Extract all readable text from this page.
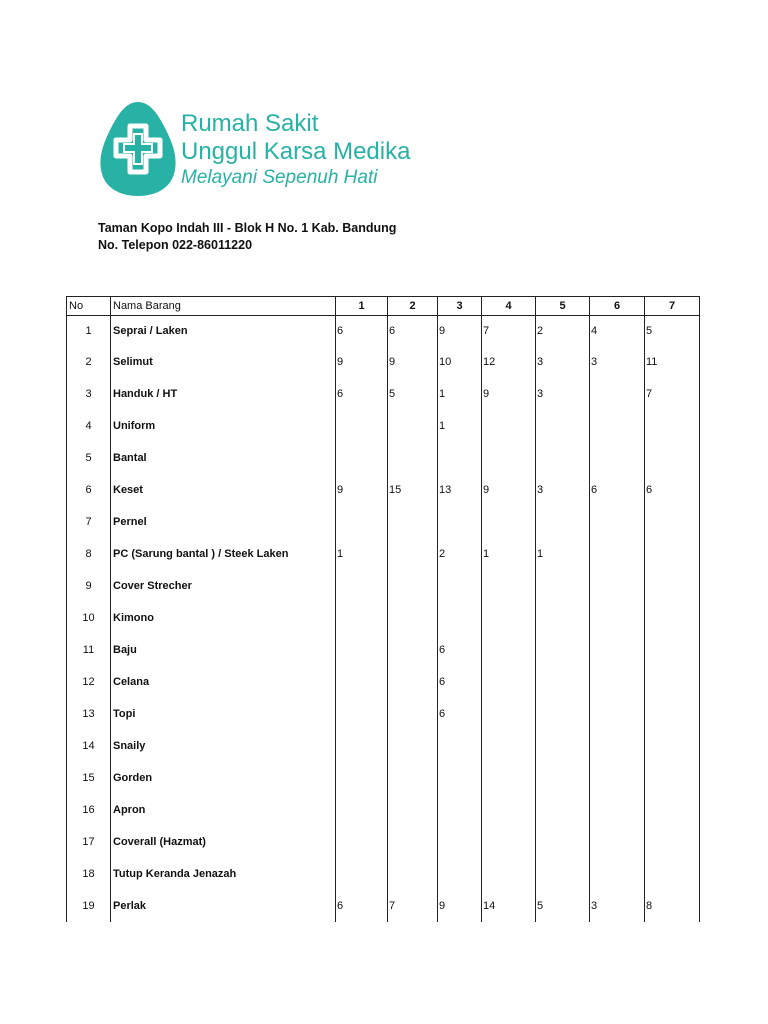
Rumah Sakit
Unggul Karsa Medika
Melayani Sepenuh Hati
Taman Kopo Indah III - Blok H No. 1 Kab. Bandung
No. Telepon 022-86011220
No	Nama Barang	1	2	3	4	5	6	7
1	Seprai / Laken	6	6	9	7	2	4	5
2	Selimut	9	9	10	12	3	3	11
3	Handuk / HT	6	5	1	9	3		7
4	Uniform			1				
5	Bantal							
6	Keset	9	15	13	9	3	6	6
7	Pernel							
8	PC (Sarung bantal ) / Steek Laken	1		2	1	1		
9	Cover Strecher							
10	Kimono							
11	Baju			6				
12	Celana			6				
13	Topi			6				
14	Snaily							
15	Gorden							
16	Apron							
17	Coverall (Hazmat)							
18	Tutup Keranda Jenazah							
19	Perlak	6	7	9	14	5	3	8
